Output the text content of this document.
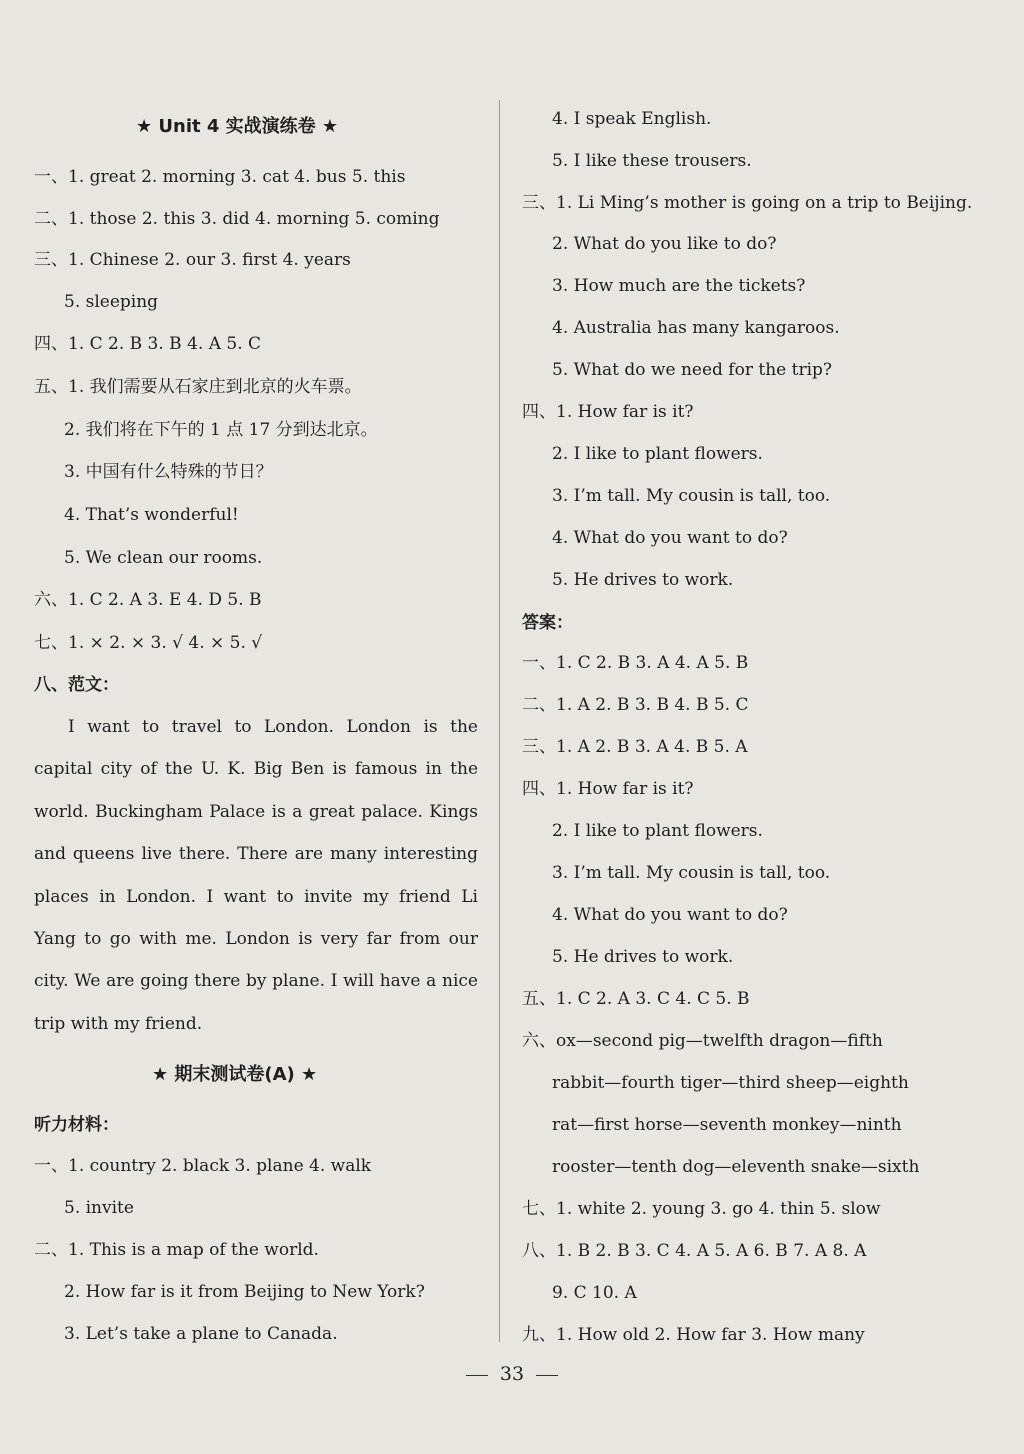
★ Unit 4 实战演练卷 ★
一、1. great 2. morning 3. cat 4. bus 5. this
二、1. those 2. this 3. did 4. morning 5. coming
三、1. Chinese 2. our 3. first 4. years
5. sleeping
四、1. C 2. B 3. B 4. A 5. C
五、1. 我们需要从石家庄到北京的火车票。
2. 我们将在下午的 1 点 17 分到达北京。
3. 中国有什么特殊的节日？
4. That’s wonderful!
5. We clean our rooms.
六、1. C 2. A 3. E 4. D 5. B
七、1. × 2. × 3. √ 4. × 5. √
八、范文：

I want to travel to London. London is the capital city of the U. K. Big Ben is famous in the world. Buckingham Palace is a great palace. Kings and queens live there. There are many interesting places in London. I want to invite my friend Li Yang to go with me. London is very far from our city. We are going there by plane. I will have a nice trip with my friend.

★ 期末测试卷(A) ★
听力材料：
一、1. country 2. black 3. plane 4. walk
5. invite
二、1. This is a map of the world.
2. How far is it from Beijing to New York?
3. Let’s take a plane to Canada.
4. I speak English.
5. I like these trousers.
三、1. Li Ming’s mother is going on a trip to Beijing.
2. What do you like to do?
3. How much are the tickets?
4. Australia has many kangaroos.
5. What do we need for the trip?
四、1. How far is it?
2. I like to plant flowers.
3. I’m tall. My cousin is tall, too.
4. What do you want to do?
5. He drives to work.
答案：
一、1. C 2. B 3. A 4. A 5. B
二、1. A 2. B 3. B 4. B 5. C
三、1. A 2. B 3. A 4. B 5. A
四、1. How far is it?
2. I like to plant flowers.
3. I’m tall. My cousin is tall, too.
4. What do you want to do?
5. He drives to work.
五、1. C 2. A 3. C 4. C 5. B
六、ox—second pig—twelfth dragon—fifth
rabbit—fourth tiger—third sheep—eighth
rat—first horse—seventh monkey—ninth
rooster—tenth dog—eleventh snake—sixth
七、1. white 2. young 3. go 4. thin 5. slow
八、1. B 2. B 3. C 4. A 5. A 6. B 7. A 8. A
9. C 10. A
九、1. How old 2. How far 3. How many
33
